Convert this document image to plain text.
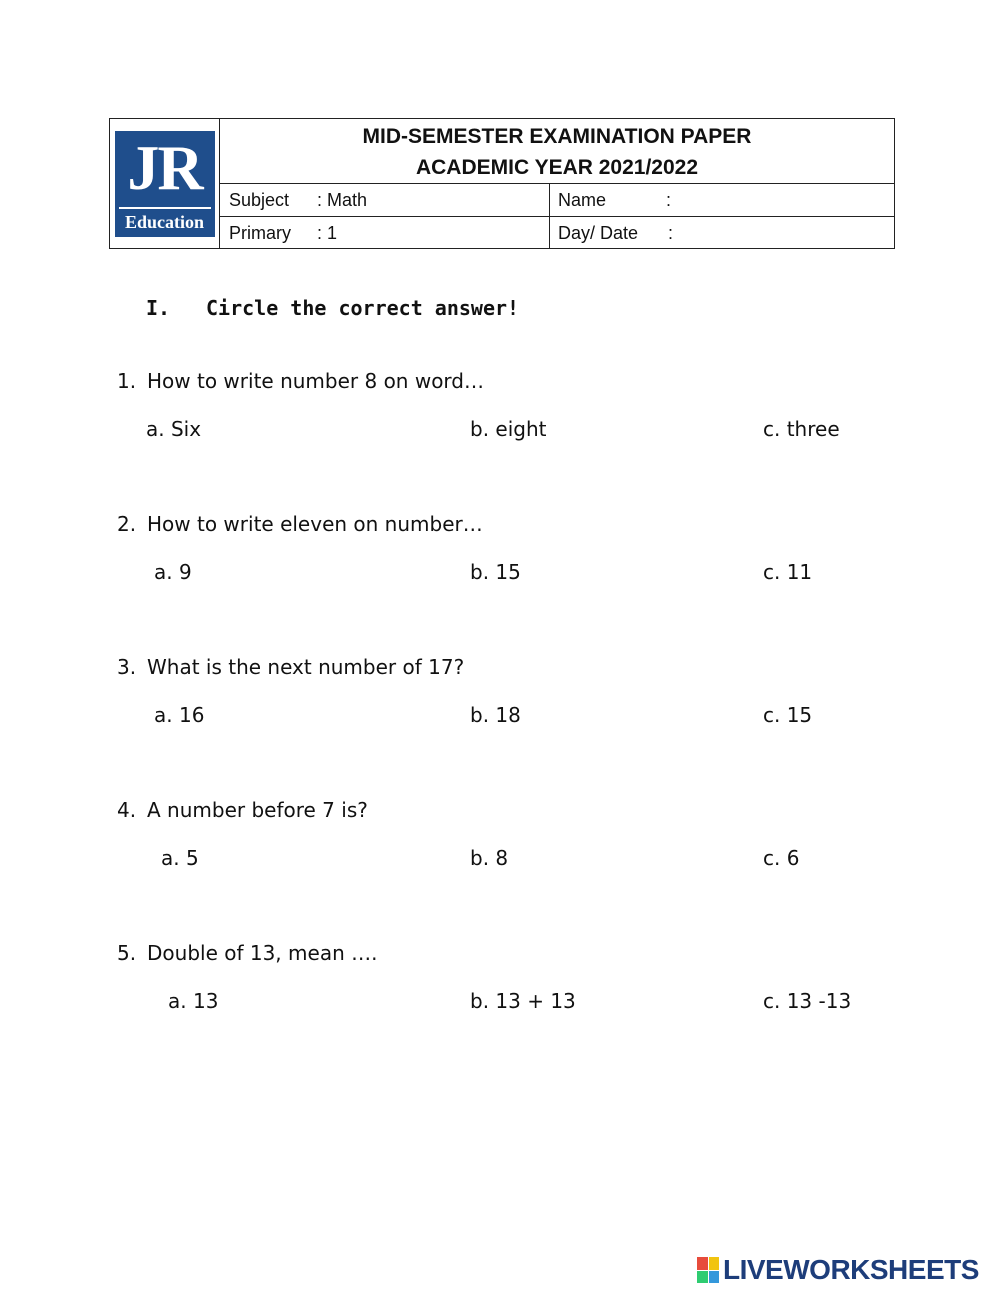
JR
Education
MID-SEMESTER EXAMINATION PAPER
ACADEMIC YEAR 2021/2022
Subject	: Math	Name	:
Primary	: 1	Day/ Date	:
I.	Circle the correct answer!
1. How to write number 8 on word…
a. Six	b. eight	c. three
2. How to write eleven on number…
a. 9	b. 15	c. 11
3. What is the next number of 17?
a. 16	b. 18	c. 15
4. A number before 7 is?
a. 5	b. 8	c. 6
5. Double of 13, mean ….
a. 13	b. 13 + 13	c. 13 -13
LIVEWORKSHEETS
